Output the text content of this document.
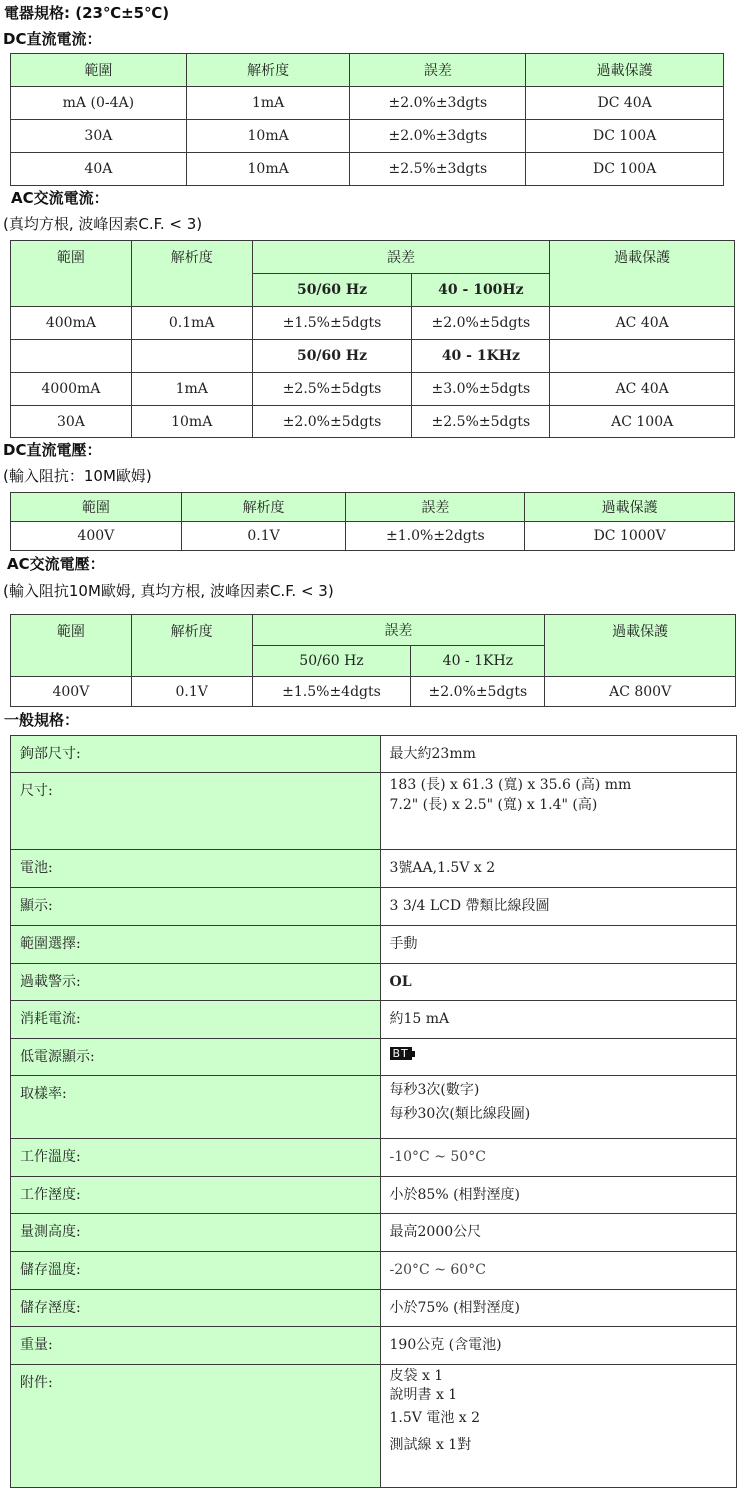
電器規格: (23℃±5℃)
DC直流電流：
範圍	解析度	誤差	過載保護
mA (0-4A)	1mA	±2.0%±3dgts	DC 40A
30A	10mA	±2.0%±3dgts	DC 100A
40A	10mA	±2.5%±3dgts	DC 100A
AC交流電流：
(真均方根, 波峰因素C.F. < 3)
範圍	解析度	誤差		過載保護
		50/60 Hz	40 - 100Hz	
400mA	0.1mA	±1.5%±5dgts	±2.0%±5dgts	AC 40A
		50/60 Hz	40 - 1KHz	
4000mA	1mA	±2.5%±5dgts	±3.0%±5dgts	AC 40A
30A	10mA	±2.0%±5dgts	±2.5%±5dgts	AC 100A
DC直流電壓：
(輸入阻抗：10M歐姆)
範圍	解析度	誤差	過載保護
400V	0.1V	±1.0%±2dgts	DC 1000V
AC交流電壓：
(輸入阻抗10M歐姆, 真均方根, 波峰因素C.F. < 3)
範圍	解析度	誤差		過載保護
		50/60 Hz	40 - 1KHz	
400V	0.1V	±1.5%±4dgts	±2.0%±5dgts	AC 800V
一般規格：
鉤部尺寸:	最大約23mm

尺寸:	183 (長) x 61.3 (寬) x 35.6 (高) mm
7.2" (長) x 2.5" (寬) x 1.4" (高)

電池:	3號AA,1.5V x 2

顯示:	3 3/4 LCD 帶類比線段圖

範圍選擇:	手動

過載警示:	OL

消耗電流:	約15 mA

低電源顯示:	BT

取樣率:	每秒3次(數字)
每秒30次(類比線段圖)

工作溫度:	-10°C ~ 50°C

工作溼度:	小於85% (相對溼度)

量測高度:	最高2000公尺

儲存溫度:	-20°C ~ 60°C

儲存溼度:	小於75% (相對溼度)

重量:	190公克 (含電池)

附件:	皮袋 x 1
說明書 x 1
1.5V 電池 x 2
測試線 x 1對
